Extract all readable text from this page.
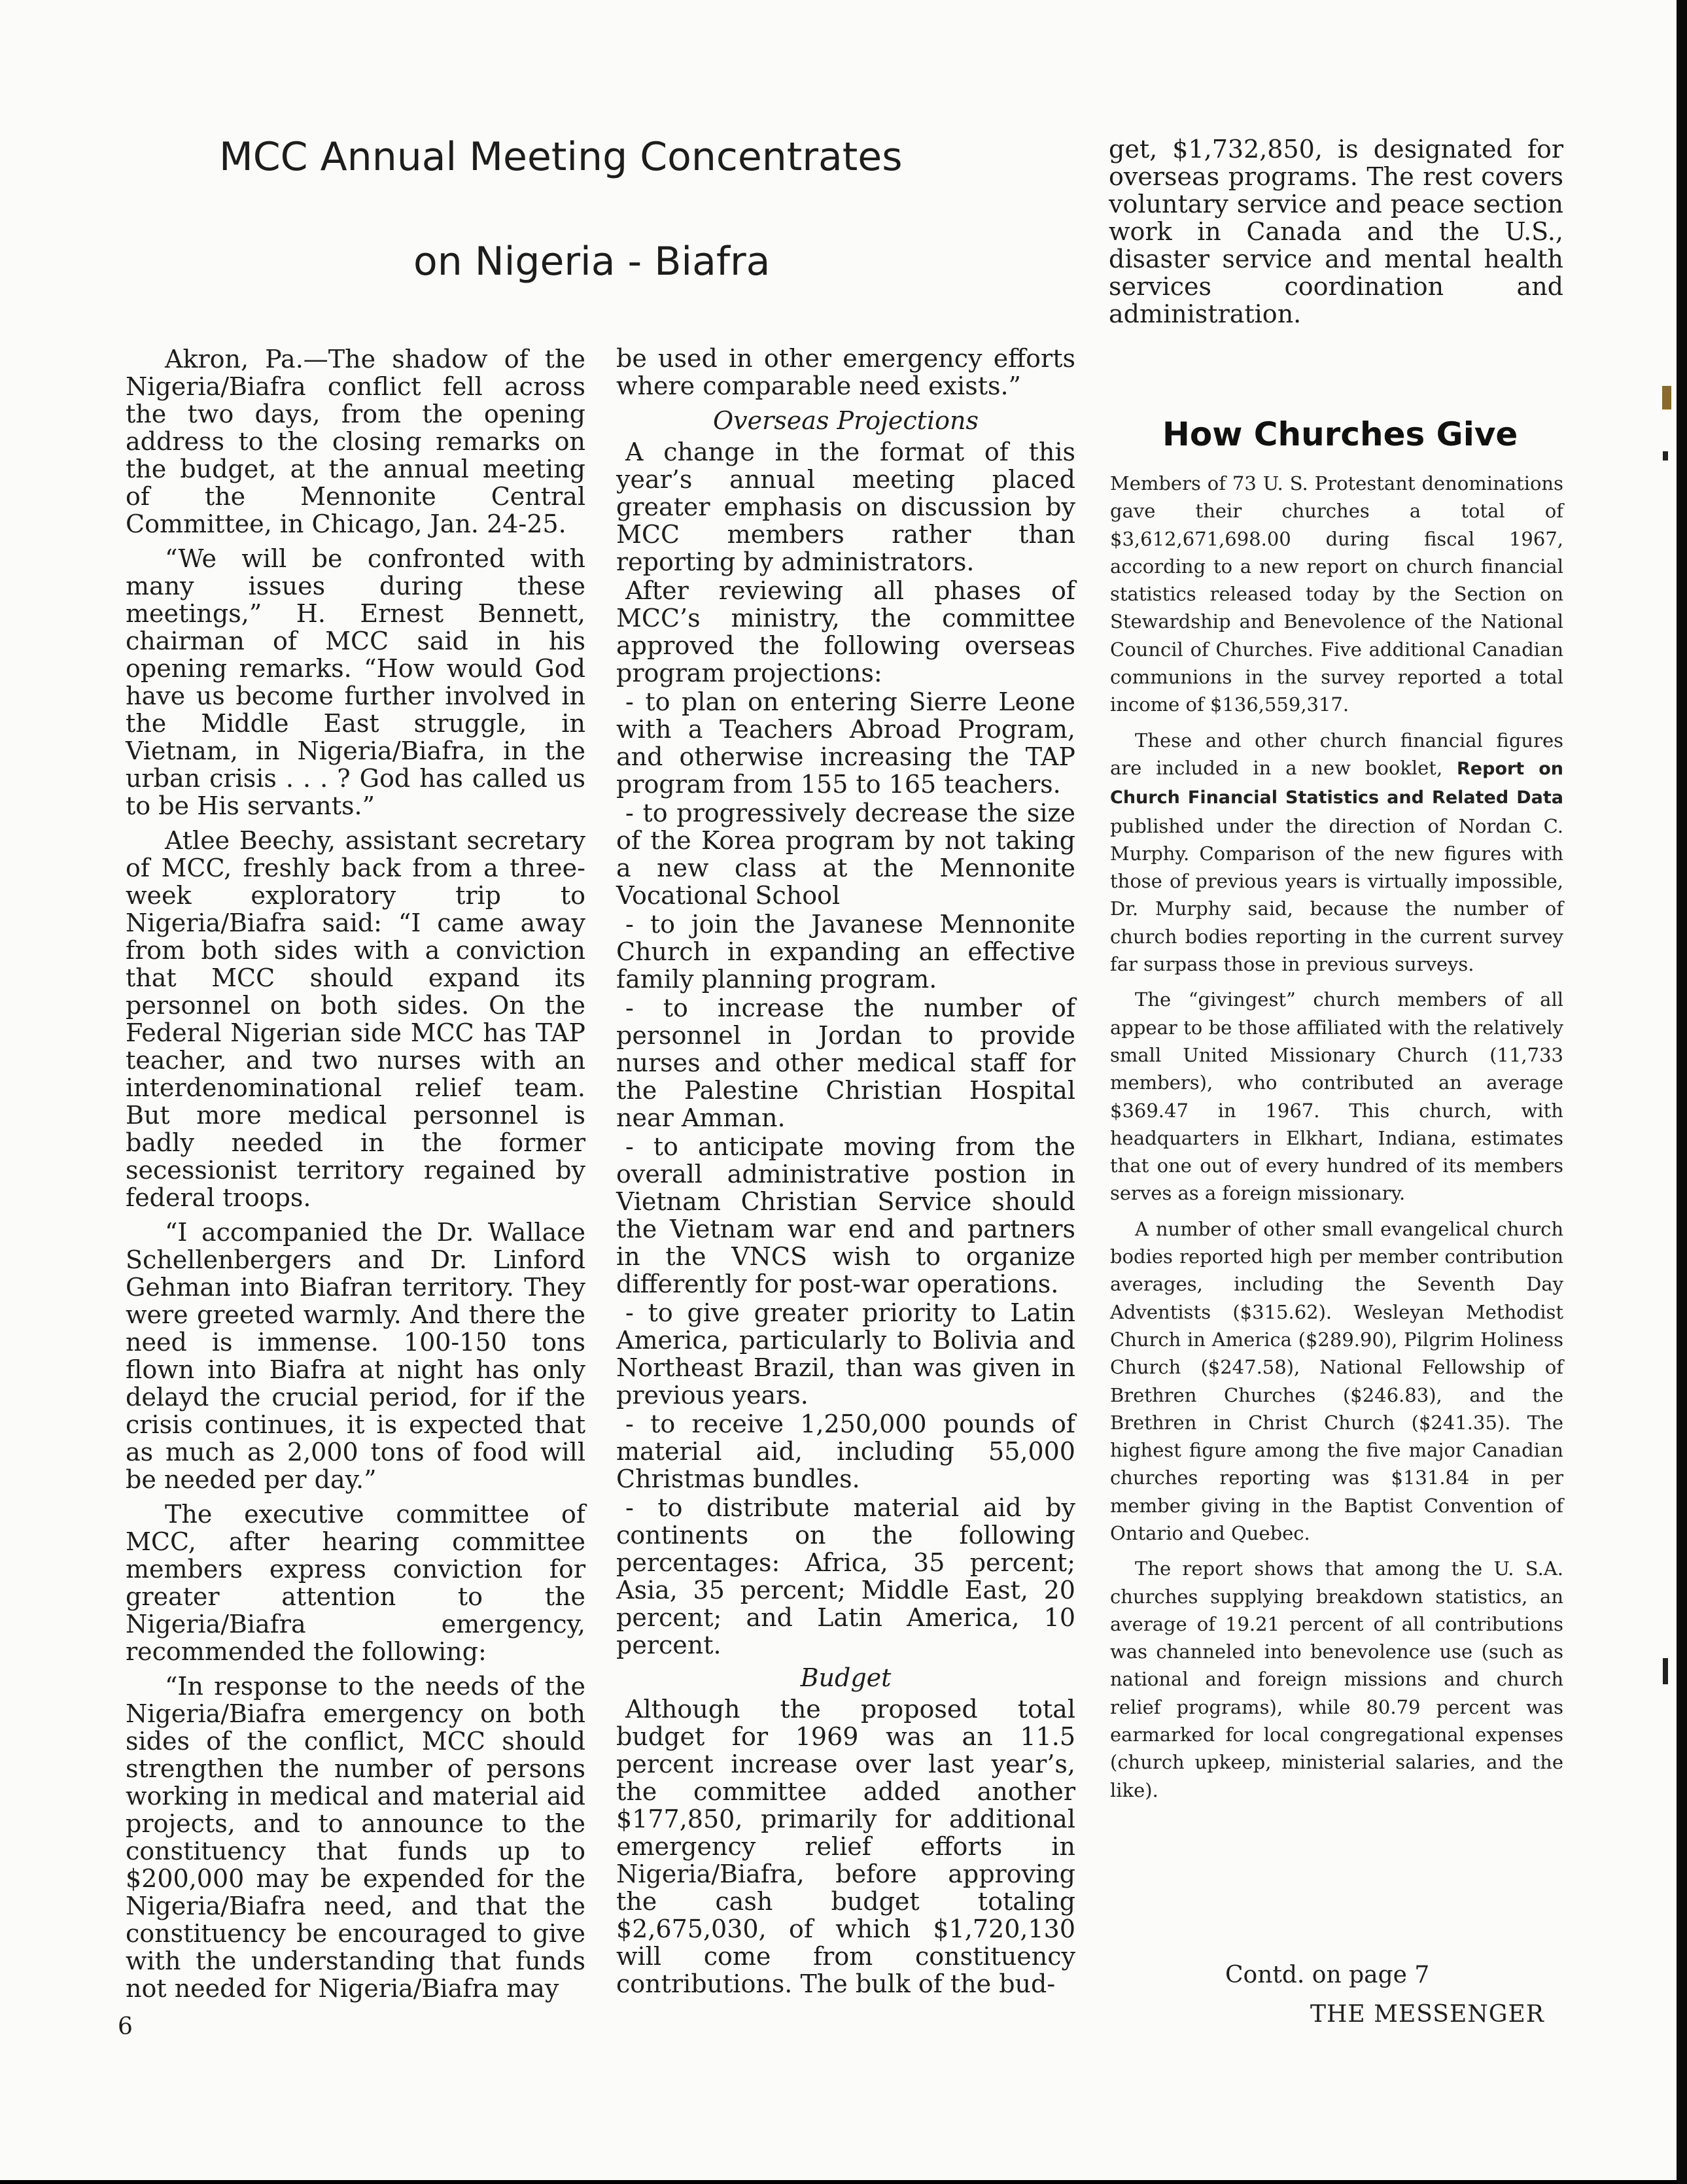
MCC Annual Meeting Concentrates
on Nigeria - Biafra

Akron, Pa.—The shadow of the Nigeria/Biafra conflict fell across the two days, from the opening address to the closing remarks on the budget, at the annual meeting of the Mennonite Central Committee, in Chicago, Jan. 24-25.

“We will be confronted with many issues during these meetings,” H. Ernest Bennett, chairman of MCC said in his opening remarks. “How would God have us become further involved in the Middle East struggle, in Vietnam, in Nigeria/Biafra, in the urban crisis . . . ? God has called us to be His servants.”

Atlee Beechy, assistant secretary of MCC, freshly back from a three-week exploratory trip to Nigeria/Biafra said: “I came away from both sides with a conviction that MCC should expand its personnel on both sides. On the Federal Nigerian side MCC has TAP teacher, and two nurses with an interdenominational relief team. But more medical personnel is badly needed in the former secessionist territory regained by federal troops.

“I accompanied the Dr. Wallace Schellenbergers and Dr. Linford Gehman into Biafran territory. They were greeted warmly. And there the need is immense. 100-150 tons flown into Biafra at night has only delayd the crucial period, for if the crisis continues, it is expected that as much as 2,000 tons of food will be needed per day.”

The executive committee of MCC, after hearing committee members express conviction for greater attention to the Nigeria/Biafra emergency, recommended the following:

“In response to the needs of the Nigeria/Biafra emergency on both sides of the conflict, MCC should strengthen the number of persons working in medical and material aid projects, and to announce to the constituency that funds up to $200,000 may be expended for the Nigeria/Biafra need, and that the constituency be encouraged to give with the understanding that funds not needed for Nigeria/Biafra may

be used in other emergency efforts where comparable need exists.”

Overseas Projections

A change in the format of this year’s annual meeting placed greater emphasis on discussion by MCC members rather than reporting by administrators.

After reviewing all phases of MCC’s ministry, the committee approved the following overseas program projections:

- to plan on entering Sierre Leone with a Teachers Abroad Program, and otherwise increasing the TAP program from 155 to 165 teachers.

- to progressively decrease the size of the Korea program by not taking a new class at the Mennonite Vocational School

- to join the Javanese Mennonite Church in expanding an effective family planning program.

- to increase the number of personnel in Jordan to provide nurses and other medical staff for the Palestine Christian Hospital near Amman.

- to anticipate moving from the overall administrative postion in Vietnam Christian Service should the Vietnam war end and partners in the VNCS wish to organize differently for post-war operations.

- to give greater priority to Latin America, particularly to Bolivia and Northeast Brazil, than was given in previous years.

- to receive 1,250,000 pounds of material aid, including 55,000 Christmas bundles.

- to distribute material aid by continents on the following percentages: Africa, 35 percent; Asia, 35 percent; Middle East, 20 percent; and Latin America, 10 percent.

Budget

Although the proposed total budget for 1969 was an 11.5 percent increase over last year’s, the committee added another $177,850, primarily for additional emergency relief efforts in Nigeria/Biafra, before approving the cash budget totaling $2,675,030, of which $1,720,130 will come from constituency contributions. The bulk of the bud-

get, $1,732,850, is designated for overseas programs. The rest covers voluntary service and peace section work in Canada and the U.S., disaster service and mental health services coordination and administration.

How Churches Give

Members of 73 U. S. Protestant denominations gave their churches a total of $3,612,671,698.00 during fiscal 1967, according to a new report on church financial statistics released today by the Section on Stewardship and Benevolence of the National Council of Churches. Five additional Canadian communions in the survey reported a total income of $136,559,317.

These and other church financial figures are included in a new booklet, Report on Church Financial Statistics and Related Data published under the direction of Nordan C. Murphy. Comparison of the new figures with those of previous years is virtually impossible, Dr. Murphy said, because the number of church bodies reporting in the current survey far surpass those in previous surveys.

The “givingest” church members of all appear to be those affiliated with the relatively small United Missionary Church (11,733 members), who contributed an average $369.47 in 1967. This church, with headquarters in Elkhart, Indiana, estimates that one out of every hundred of its members serves as a foreign missionary.

A number of other small evangelical church bodies reported high per member contribution averages, including the Seventh Day Adventists ($315.62). Wesleyan Methodist Church in America ($289.90), Pilgrim Holiness Church ($247.58), National Fellowship of Brethren Churches ($246.83), and the Brethren in Christ Church ($241.35). The highest figure among the five major Canadian churches reporting was $131.84 in per member giving in the Baptist Convention of Ontario and Quebec.

The report shows that among the U. S.A. churches supplying breakdown statistics, an average of 19.21 percent of all contributions was channeled into benevolence use (such as national and foreign missions and church relief programs), while 80.79 percent was earmarked for local congregational expenses (church upkeep, ministerial salaries, and the like).

Contd. on page 7
THE MESSENGER
6
